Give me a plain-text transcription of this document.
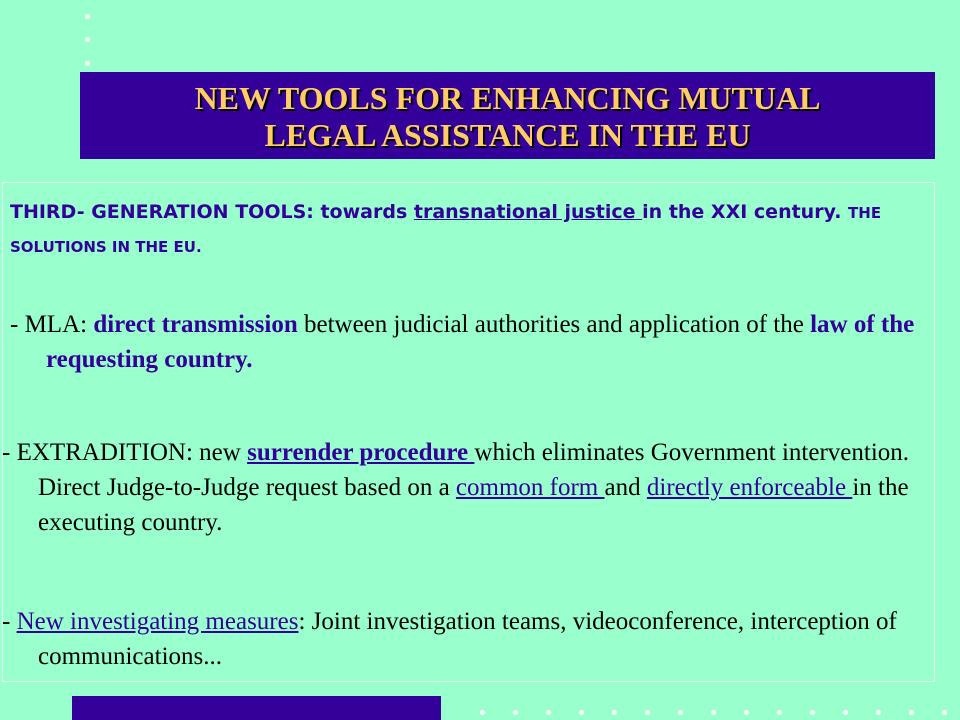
NEW TOOLS FOR ENHANCING MUTUAL
LEGAL ASSISTANCE IN THE EU
THIRD- GENERATION TOOLS: towards transnational justice in the XXI century. THE SOLUTIONS IN THE EU.
- MLA: direct transmission between judicial authorities and application of the law of the requesting country.
- EXTRADITION: new surrender procedure which eliminates Government intervention. Direct Judge-to-Judge request based on a common form and directly enforceable in the executing country.
- New investigating measures: Joint investigation teams, videoconference, interception of communications...
